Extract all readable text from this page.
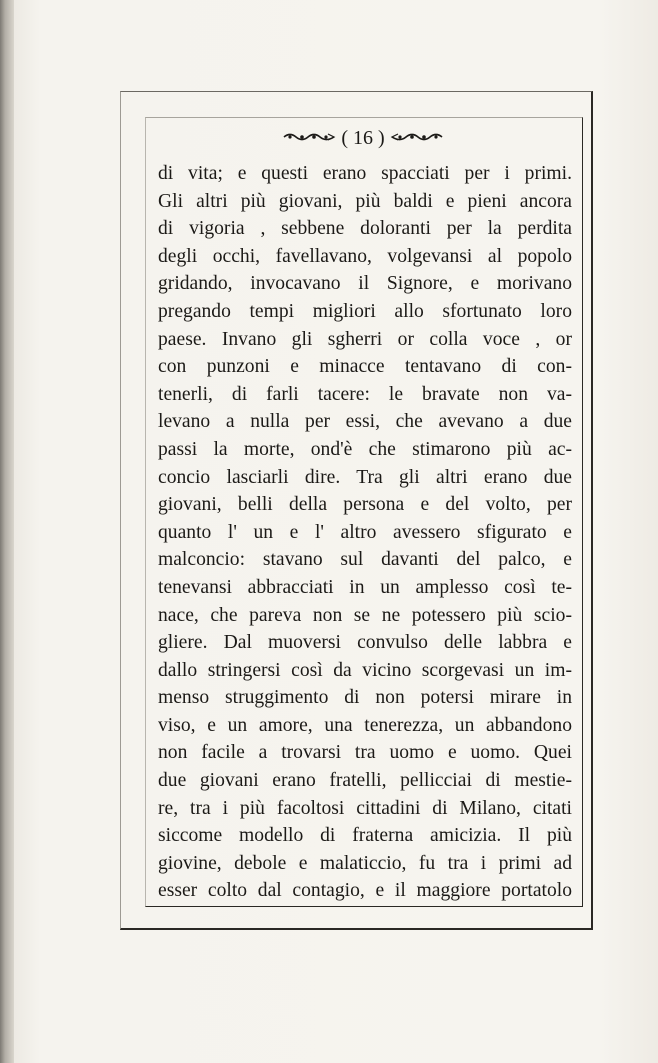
( 16 )
di vita; e questi erano spacciati per i primi.
Gli altri più giovani, più baldi e pieni ancora
di vigoria , sebbene doloranti per la perdita
degli occhi, favellavano, volgevansi al popolo
gridando, invocavano il Signore, e morivano
pregando tempi migliori allo sfortunato loro
paese. Invano gli sgherri or colla voce , or
con punzoni e minacce tentavano di con-
tenerli, di farli tacere: le bravate non va-
levano a nulla per essi, che avevano a due
passi la morte, ond'è che stimarono più ac-
concio lasciarli dire. Tra gli altri erano due
giovani, belli della persona e del volto, per
quanto l' un e l' altro avessero sfigurato e
malconcio: stavano sul davanti del palco, e
tenevansi abbracciati in un amplesso così te-
nace, che pareva non se ne potessero più scio-
gliere. Dal muoversi convulso delle labbra e
dallo stringersi così da vicino scorgevasi un im-
menso struggimento di non potersi mirare in
viso, e un amore, una tenerezza, un abbandono
non facile a trovarsi tra uomo e uomo. Quei
due giovani erano fratelli, pellicciai di mestie-
re, tra i più facoltosi cittadini di Milano, citati
siccome modello di fraterna amicizia. Il più
giovine, debole e malaticcio, fu tra i primi ad
esser colto dal contagio, e il maggiore portatolo
